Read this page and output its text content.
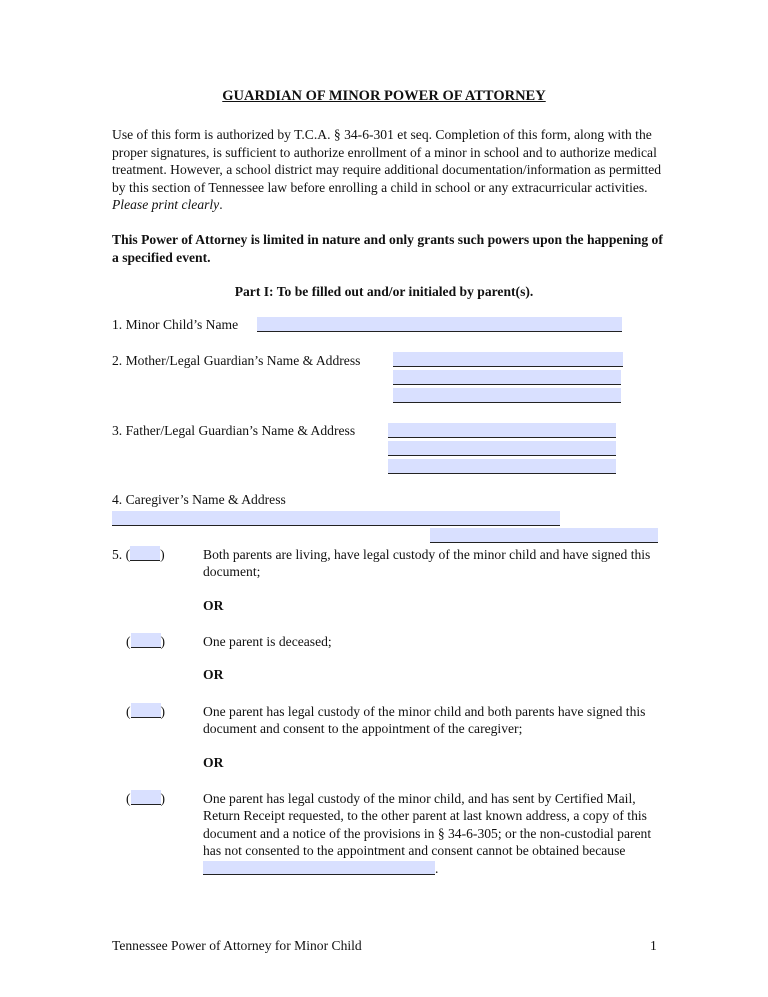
GUARDIAN OF MINOR POWER OF ATTORNEY
Use of this form is authorized by T.C.A. § 34-6-301 et seq. Completion of this form, along with the proper signatures, is sufficient to authorize enrollment of a minor in school and to authorize medical treatment. However, a school district may require additional documentation/information as permitted by this section of Tennessee law before enrolling a child in school or any extracurricular activities. Please print clearly.
This Power of Attorney is limited in nature and only grants such powers upon the happening of a specified event.
Part I: To be filled out and/or initialed by parent(s).
1. Minor Child’s Name
2. Mother/Legal Guardian’s Name & Address
3. Father/Legal Guardian’s Name & Address
4. Caregiver’s Name & Address
5. ( )	Both parents are living, have legal custody of the minor child and have signed this document;
OR
( )	One parent is deceased;
OR
( )	One parent has legal custody of the minor child and both parents have signed this document and consent to the appointment of the caregiver;
OR
( )	One parent has legal custody of the minor child, and has sent by Certified Mail, Return Receipt requested, to the other parent at last known address, a copy of this document and a notice of the provisions in § 34-6-305; or the non-custodial parent has not consented to the appointment and consent cannot be obtained because.
Tennessee Power of Attorney for Minor Child	1
